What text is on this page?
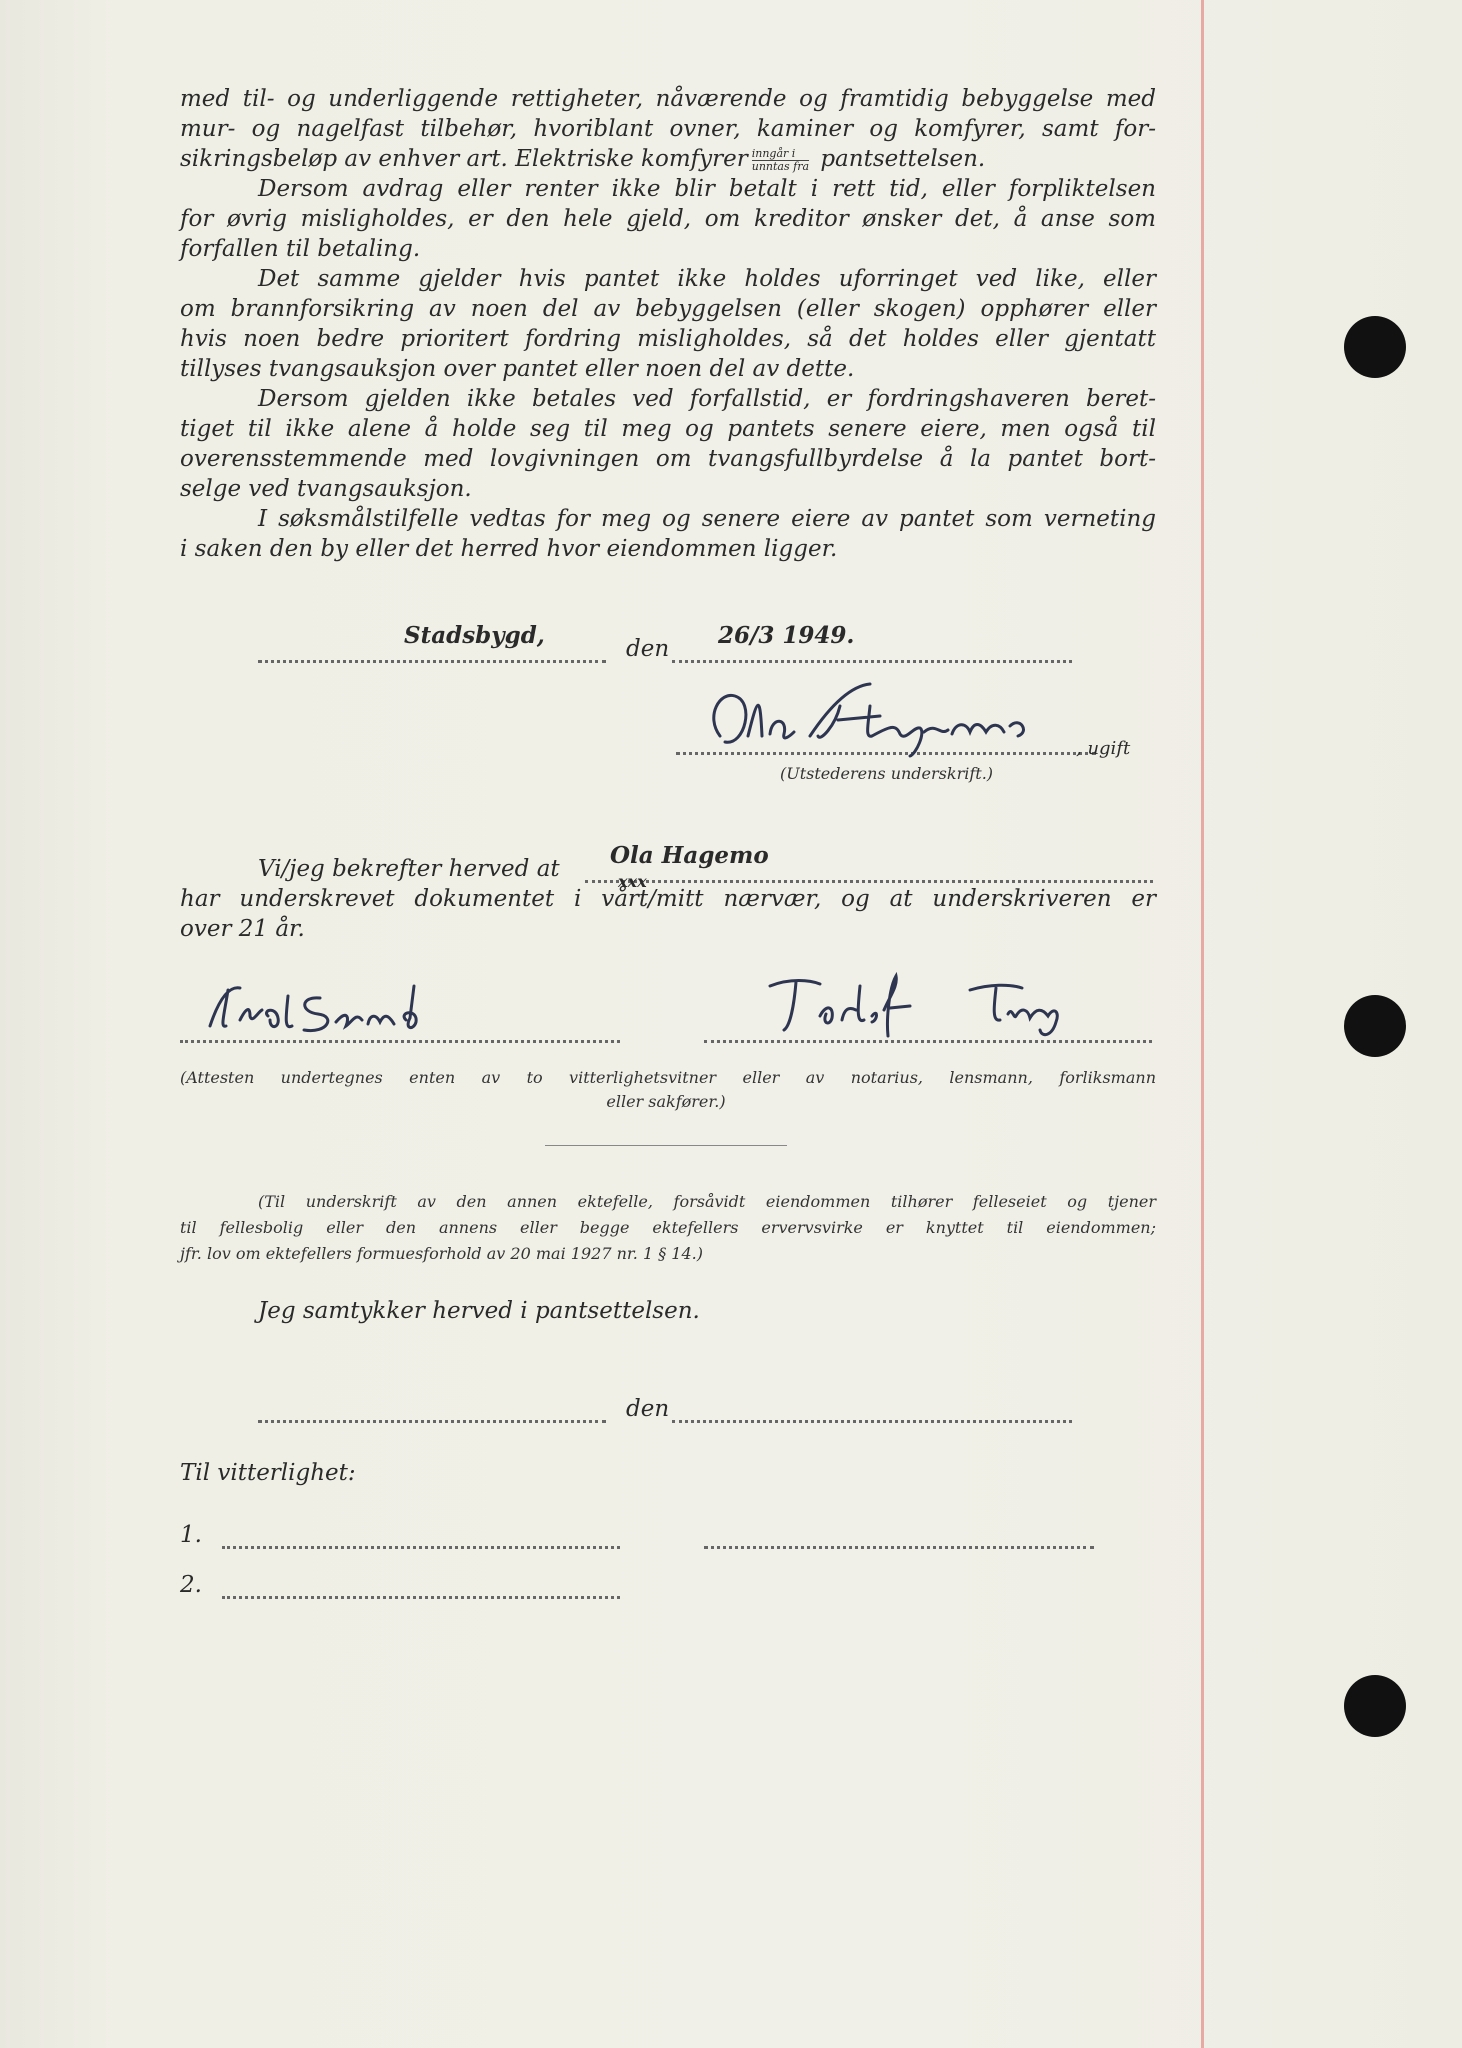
med til- og underliggende rettigheter, nåværende og framtidig bebyggelse med
mur- og nagelfast tilbehør, hvoriblant ovner, kaminer og komfyrer, samt for-
sikringsbeløp av enhver art. Elektriske komfyrer $\frac{\text{inngår i}}{\text{unntas fra}}$ pantsettelsen.
Dersom avdrag eller renter ikke blir betalt i rett tid, eller forpliktelsen
for øvrig misligholdes, er den hele gjeld, om kreditor ønsker det, å anse som
forfallen til betaling.
Det samme gjelder hvis pantet ikke holdes uforringet ved like, eller
om brannforsikring av noen del av bebyggelsen (eller skogen) opphører eller
hvis noen bedre prioritert fordring misligholdes, så det holdes eller gjentatt
tillyses tvangsauksjon over pantet eller noen del av dette.
Dersom gjelden ikke betales ved forfallstid, er fordringshaveren beret-
tiget til ikke alene å holde seg til meg og pantets senere eiere, men også til
overensstemmende med lovgivningen om tvangsfullbyrdelse å la pantet bort-
selge ved tvangsauksjon.
I søksmålstilfelle vedtas for meg og senere eiere av pantet som verneting
i saken den by eller det herred hvor eiendommen ligger.
Stadsbygd,	den 26/3 1949.
, ugift
(Utstederens underskrift.)
Vi/jeg bekrefter herved at Ola Hagemo
xxx
har underskrevet dokumentet i vårt/mitt nærvær, og at underskriveren er
over 21 år.
(Attesten undertegnes enten av to vitterlighetsvitner eller av notarius, lensmann, forliksmann
eller sakfører.)
(Til underskrift av den annen ektefelle, forsåvidt eiendommen tilhører felleseiet og tjener
til fellesbolig eller den annens eller begge ektefellers ervervsvirke er knyttet til eiendommen;
jfr. lov om ektefellers formuesforhold av 20 mai 1927 nr. 1 § 14.)
Jeg samtykker herved i pantsettelsen.
den
Til vitterlighet:
1.
2.
